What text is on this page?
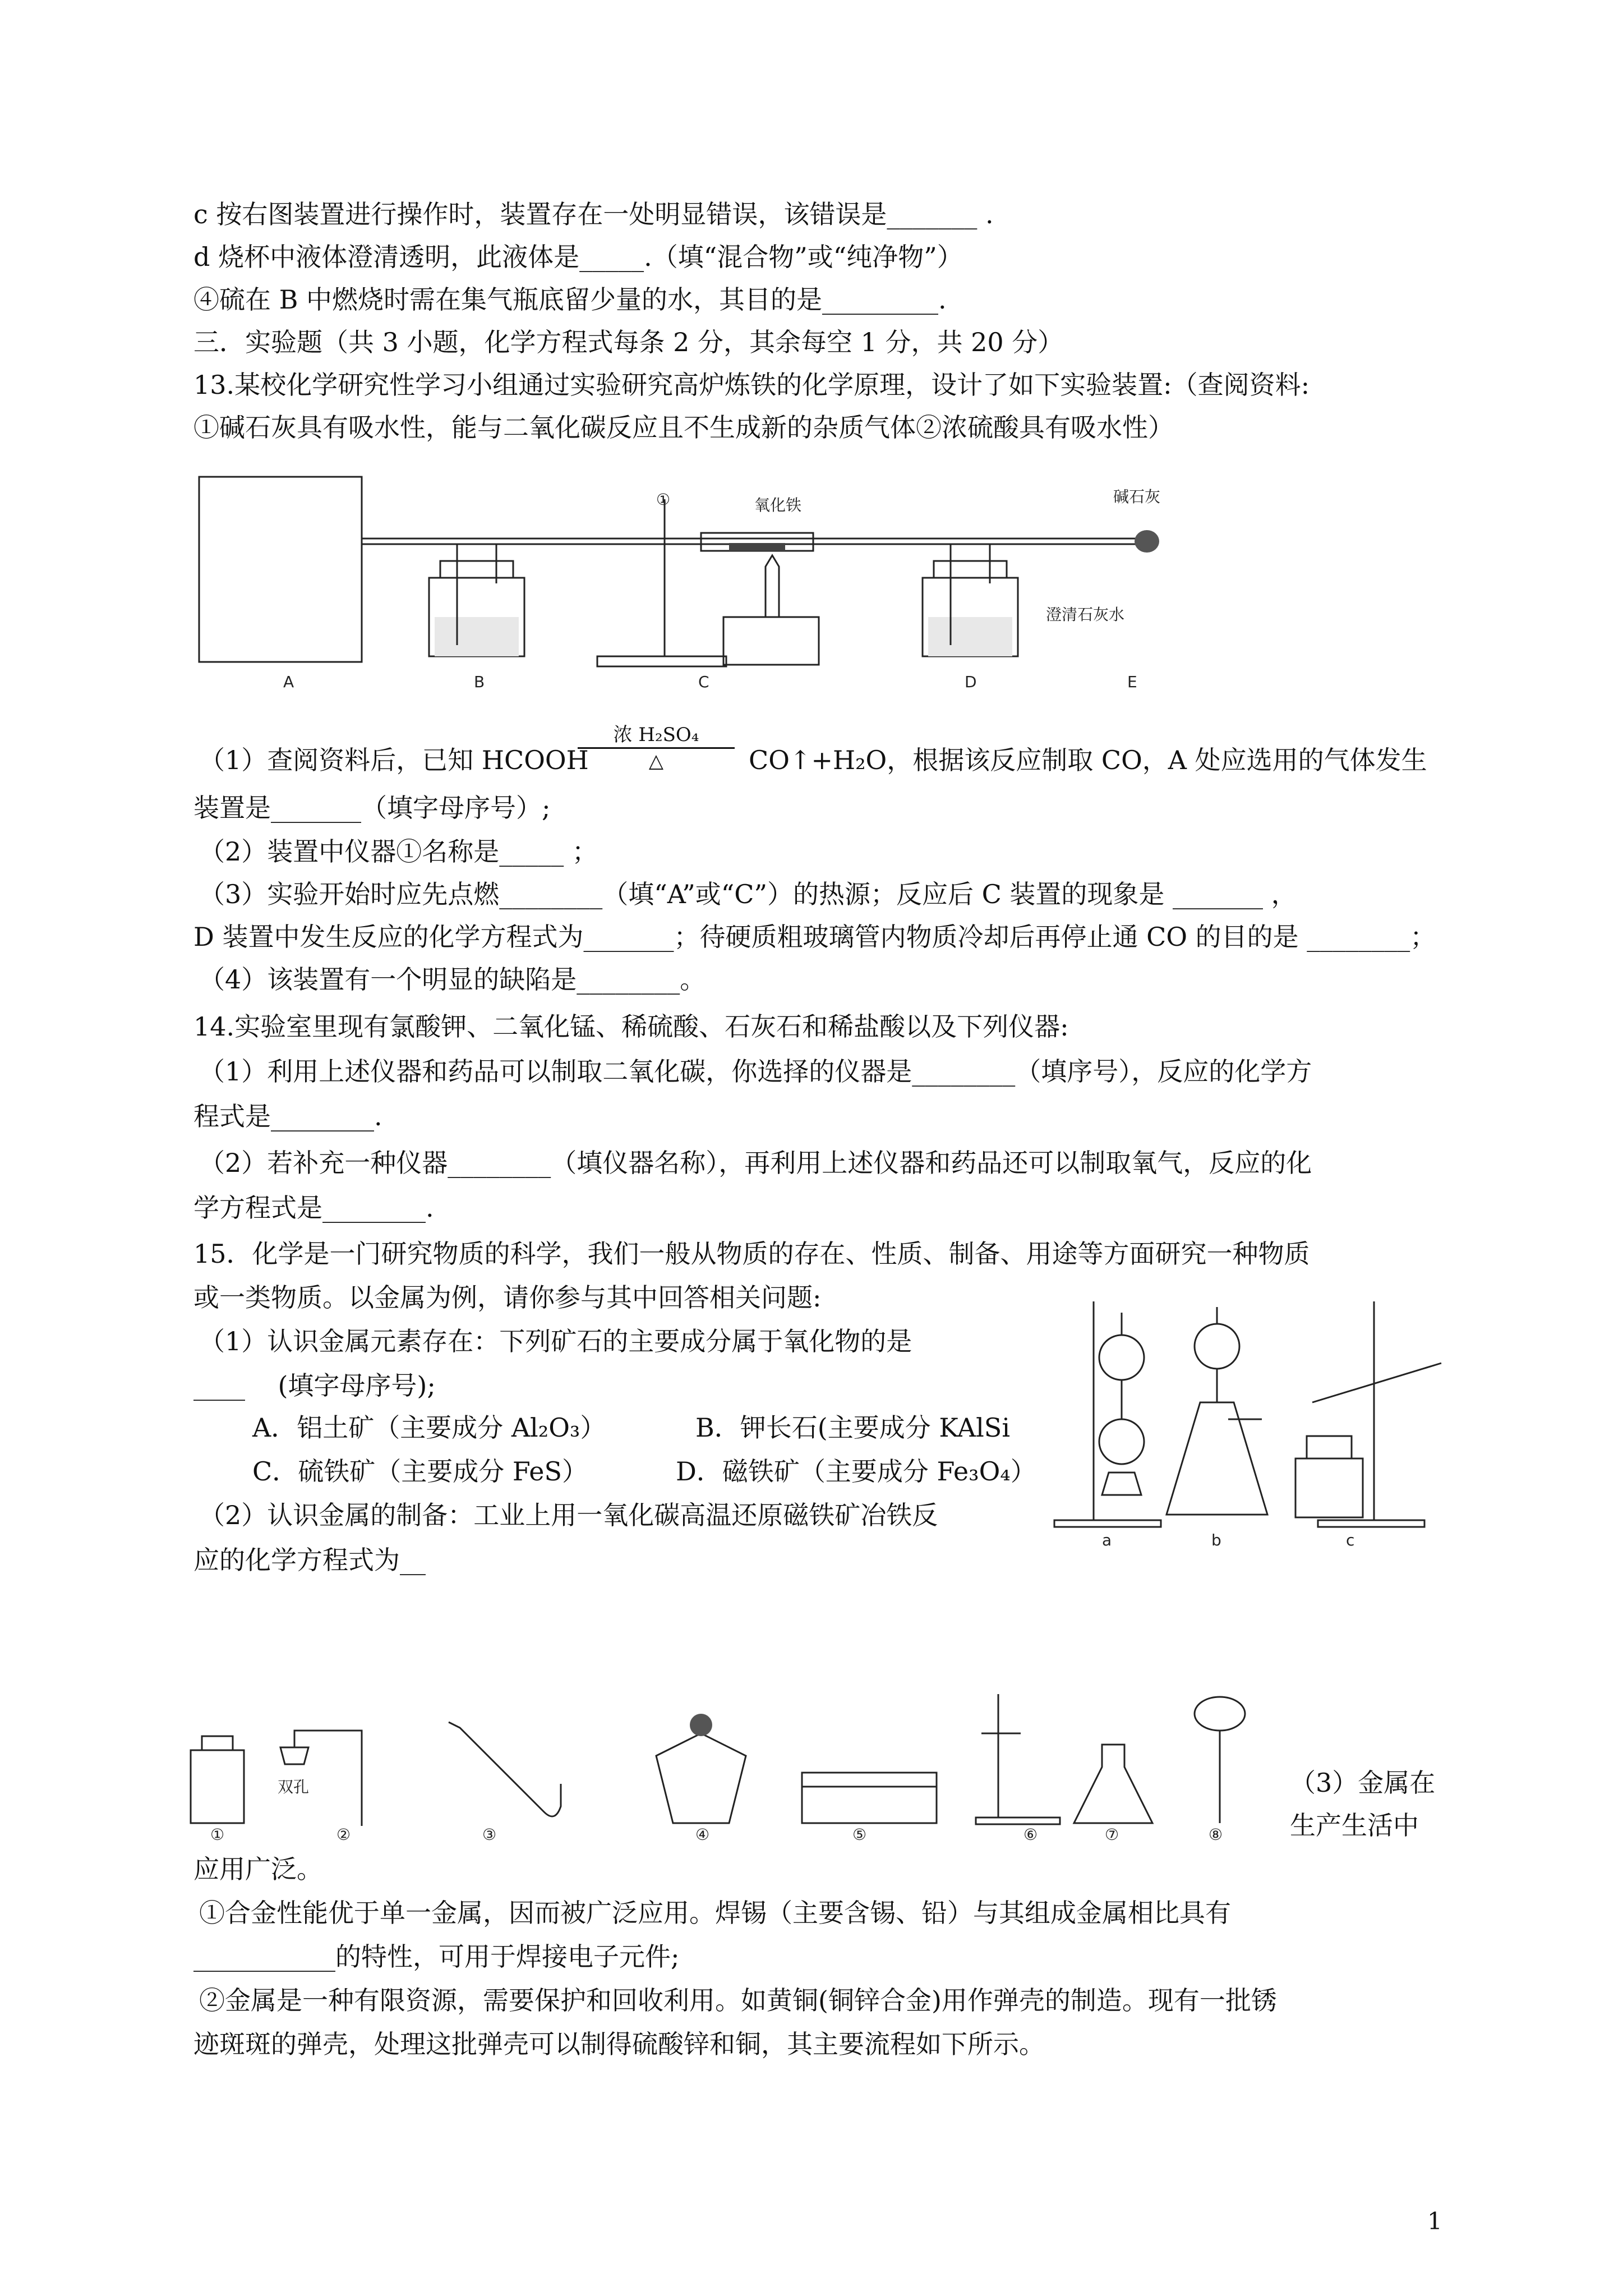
c 按右图装置进行操作时，装置存在一处明显错误，该错误是_______ .
d 烧杯中液体澄清透明，此液体是_____.（填“混合物”或“纯净物”）
④硫在 B 中燃烧时需在集气瓶底留少量的水，其目的是_________.
三．实验题（共 3 小题，化学方程式每条 2 分，其余每空 1 分，共 20 分）
13.某校化学研究性学习小组通过实验研究高炉炼铁的化学原理，设计了如下实验装置:（查阅资料:
①碱石灰具有吸水性，能与二氧化碳反应且不生成新的杂质气体②浓硫酸具有吸水性）
①	氧化铁	碱石灰
澄清石灰水
A	B	C	D	E
（1）查阅资料后，已知 HCOOH
浓 H₂SO₄
△	CO↑+H₂O，根据该反应制取 CO，A 处应选用的气体发生
装置是_______（填字母序号）;
（2）装置中仪器①名称是_____ ；
（3）实验开始时应先点燃________（填“A”或“C”）的热源；反应后 C 装置的现象是 _______ ，
D 装置中发生反应的化学方程式为_______；待硬质粗玻璃管内物质冷却后再停止通 CO 的目的是 ________；
（4）该装置有一个明显的缺陷是________。
14.实验室里现有氯酸钾、二氧化锰、稀硫酸、石灰石和稀盐酸以及下列仪器:
（1）利用上述仪器和药品可以制取二氧化碳，你选择的仪器是________（填序号），反应的化学方
程式是________.
（2）若补充一种仪器________（填仪器名称），再利用上述仪器和药品还可以制取氧气，反应的化
学方程式是________.
15．化学是一门研究物质的科学，我们一般从物质的存在、性质、制备、用途等方面研究一种物质
或一类物质。以金属为例，请你参与其中回答相关问题:
（1）认识金属元素存在：下列矿石的主要成分属于氧化物的是
____    (填字母序号);
A．铝土矿（主要成分 Al₂O₃）	B．钾长石(主要成分 KAlSi
C．硫铁矿（主要成分 FeS）	D．磁铁矿（主要成分 Fe₃O₄）
（2）认识金属的制备：工业上用一氧化碳高温还原磁铁矿冶铁反
应的化学方程式为__
a	b	c
①
双孔
②	③	④	⑤	⑥	⑦	⑧
（3）金属在
生产生活中
应用广泛。
①合金性能优于单一金属，因而被广泛应用。焊锡（主要含锡、铅）与其组成金属相比具有
___________的特性，可用于焊接电子元件;
②金属是一种有限资源，需要保护和回收利用。如黄铜(铜锌合金)用作弹壳的制造。现有一批锈
迹斑斑的弹壳，处理这批弹壳可以制得硫酸锌和铜，其主要流程如下所示。
1
